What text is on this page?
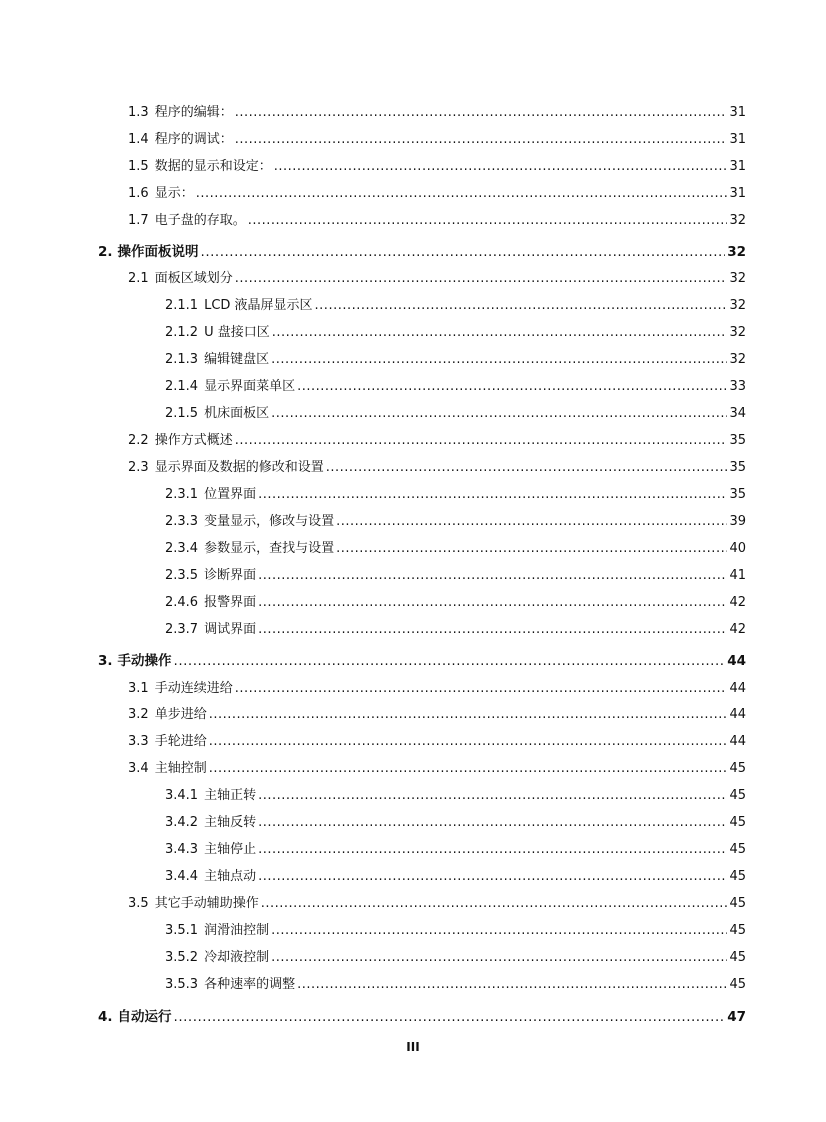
1.3 程序的编辑： .....	31
1.4 程序的调试： .....	31
1.5 数据的显示和设定： .....	31
1.6 显示： .....	31
1.7 电子盘的存取。 .....	32
2. 操作面板说明 .....	32
2.1 面板区域划分 .....	32
2.1.1 LCD 液晶屏显示区 .....	32
2.1.2 U 盘接口区 .....	32
2.1.3 编辑键盘区 .....	32
2.1.4 显示界面菜单区 .....	33
2.1.5 机床面板区 .....	34
2.2 操作方式概述 .....	35
2.3 显示界面及数据的修改和设置 .....	35
2.3.1 位置界面 .....	35
2.3.3 变量显示，修改与设置 .....	39
2.3.4 参数显示，查找与设置 .....	40
2.3.5 诊断界面 .....	41
2.4.6 报警界面 .....	42
2.3.7 调试界面 .....	42
3. 手动操作 .....	44
3.1 手动连续进给 .....	44
3.2 单步进给 .....	44
3.3 手轮进给 .....	44
3.4 主轴控制 .....	45
3.4.1 主轴正转 .....	45
3.4.2 主轴反转 .....	45
3.4.3 主轴停止 .....	45
3.4.4 主轴点动 .....	45
3.5 其它手动辅助操作 .....	45
3.5.1 润滑油控制 .....	45
3.5.2 冷却液控制 .....	45
3.5.3 各种速率的调整 .....	45
4. 自动运行 .....	47
III
